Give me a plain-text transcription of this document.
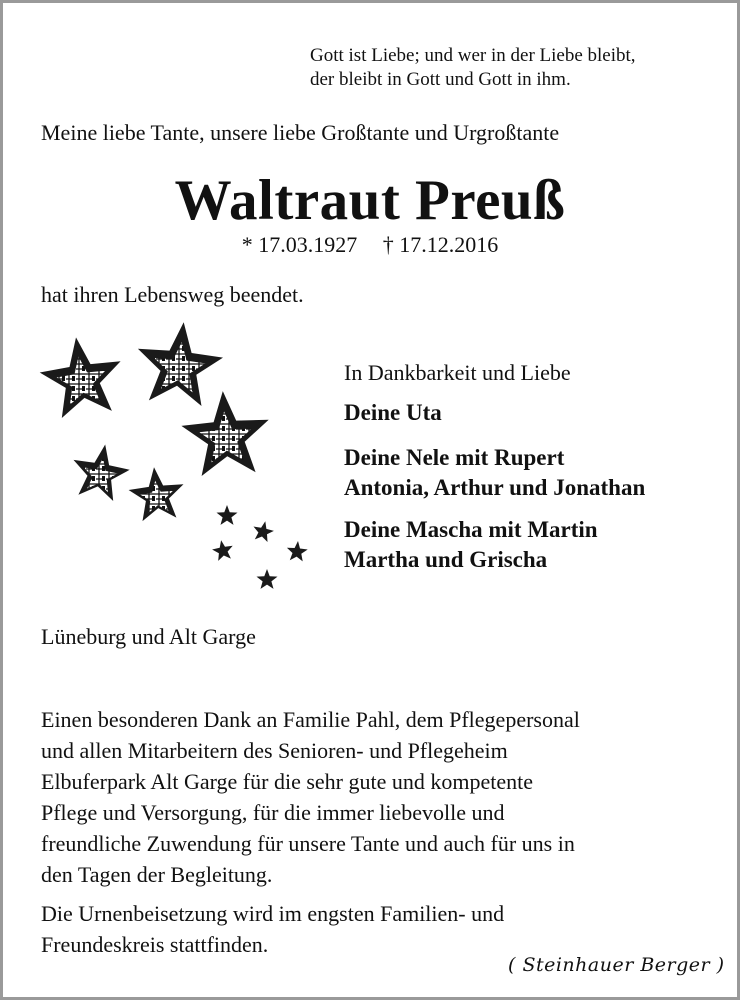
Gott ist Liebe; und wer in der Liebe bleibt,
der bleibt in Gott und Gott in ihm.
Meine liebe Tante, unsere liebe Großtante und Urgroßtante
Waltraut Preuß
* 17.03.1927 † 17.12.2016
hat ihren Lebensweg beendet.
In Dankbarkeit und Liebe
Deine Uta
Deine Nele mit Rupert
Antonia, Arthur und Jonathan
Deine Mascha mit Martin
Martha und Grischa
Lüneburg und Alt Garge
Einen besonderen Dank an Familie Pahl, dem Pflegepersonal
und allen Mitarbeitern des Senioren- und Pflegeheim
Elbuferpark Alt Garge für die sehr gute und kompetente
Pflege und Versorgung, für die immer liebevolle und
freundliche Zuwendung für unsere Tante und auch für uns in
den Tagen der Begleitung.
Die Urnenbeisetzung wird im engsten Familien- und
Freundeskreis stattfinden.
( Steinhauer Berger )
